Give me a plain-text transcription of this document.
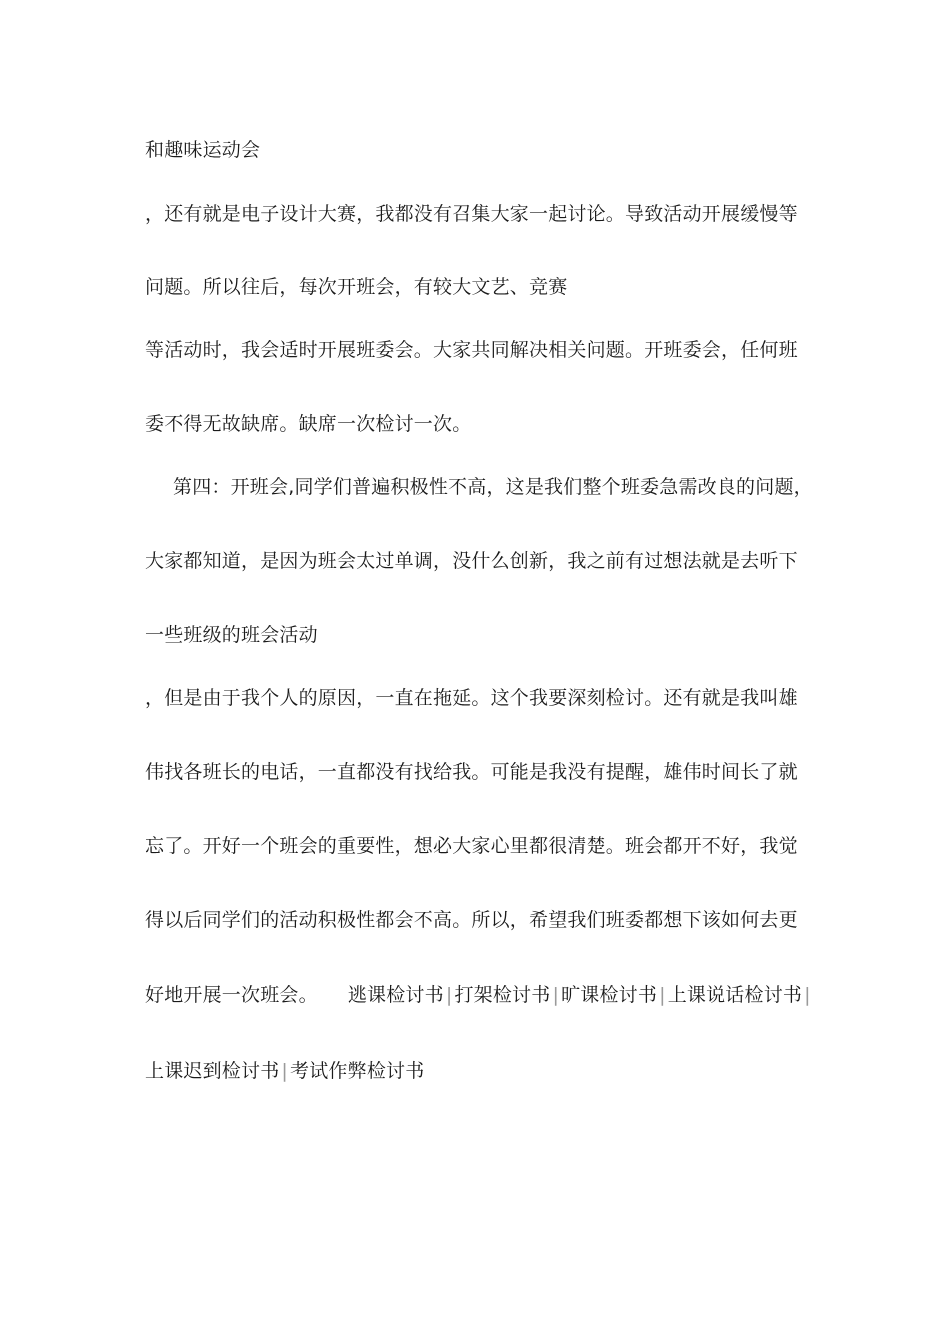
和趣味运动会
，还有就是电子设计大赛，我都没有召集大家一起讨论。导致活动开展缓慢等
问题。所以往后，每次开班会，有较大文艺、竞赛
等活动时，我会适时开展班委会。大家共同解决相关问题。开班委会，任何班
委不得无故缺席。缺席一次检讨一次。
第四：开班会,同学们普遍积极性不高，这是我们整个班委急需改良的问题，
大家都知道，是因为班会太过单调，没什么创新，我之前有过想法就是去听下
一些班级的班会活动
，但是由于我个人的原因，一直在拖延。这个我要深刻检讨。还有就是我叫雄
伟找各班长的电话，一直都没有找给我。可能是我没有提醒，雄伟时间长了就
忘了。开好一个班会的重要性，想必大家心里都很清楚。班会都开不好，我觉
得以后同学们的活动积极性都会不高。所以，希望我们班委都想下该如何去更
好地开展一次班会。 逃课检讨书 | 打架检讨书 | 旷课检讨书 | 上课说话检讨书 |
上课迟到检讨书 | 考试作弊检讨书
